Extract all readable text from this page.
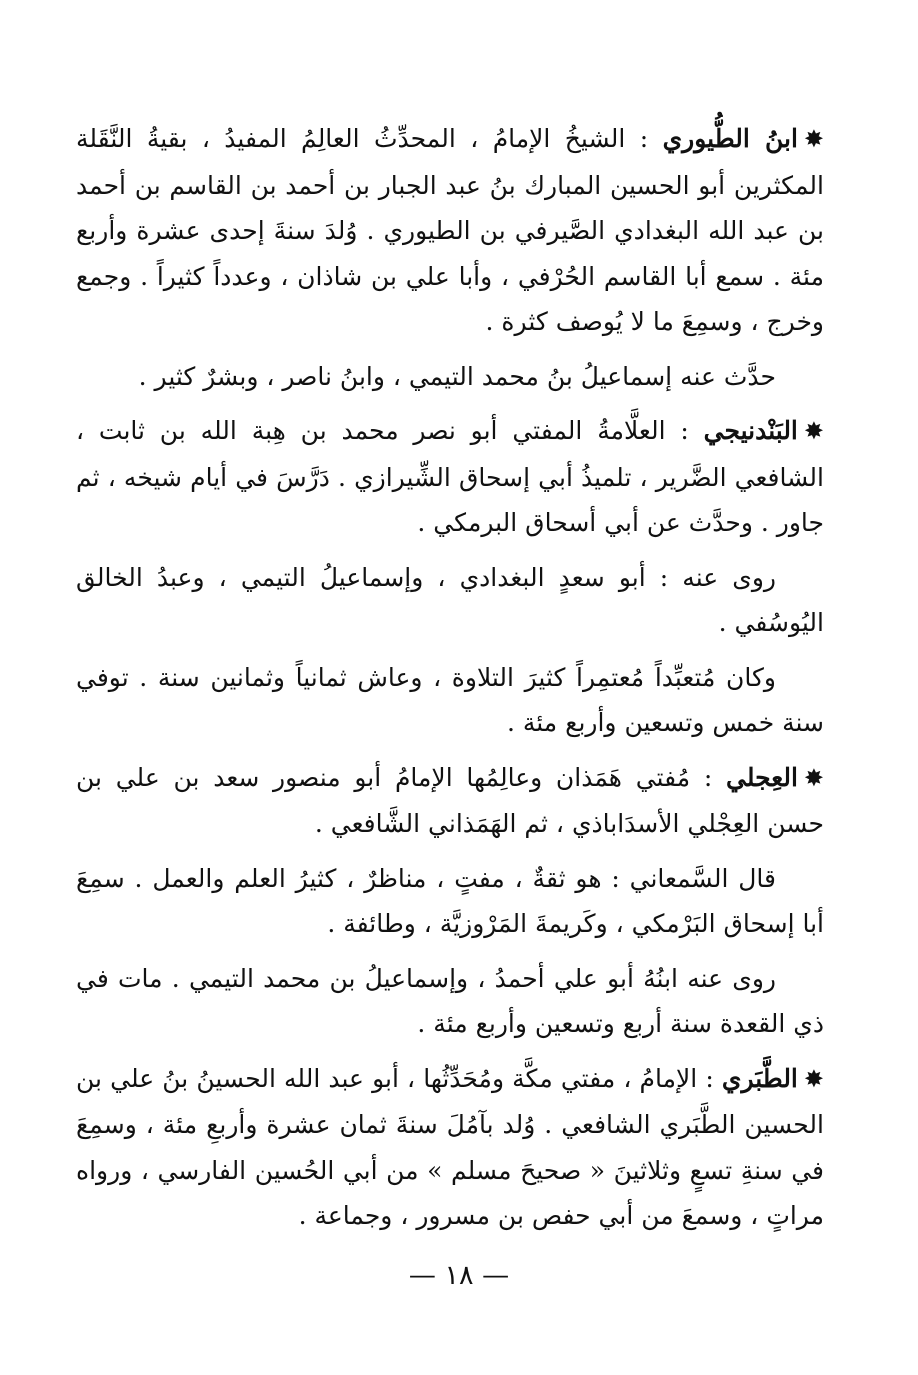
✸ابنُ الطُّيوري : الشيخُ الإمامُ ، المحدِّثُ العالِمُ المفيدُ ، بقيةُ النَّقَلة المكثرين أبو الحسين المبارك بنُ عبد الجبار بن أحمد بن القاسم بن أحمد بن عبد الله البغدادي الصَّيرفي بن الطيوري . وُلدَ سنةَ إحدى عشرة وأربع مئة . سمع أبا القاسم الحُرْفي ، وأبا علي بن شاذان ، وعدداً كثيراً . وجمع وخرج ، وسمِعَ ما لا يُوصف كثرة .

حدَّث عنه إسماعيلُ بنُ محمد التيمي ، وابنُ ناصر ، وبشرٌ كثير .

✸البَنْدنيجي : العلَّامةُ المفتي أبو نصر محمد بن هِبة الله بن ثابت ، الشافعي الضَّرير ، تلميذُ أبي إسحاق الشِّيرازي . دَرَّسَ في أيام شيخه ، ثم جاور . وحدَّث عن أبي أسحاق البرمكي .

روى عنه : أبو سعدٍ البغدادي ، وإسماعيلُ التيمي ، وعبدُ الخالق اليُوسُفي .

وكان مُتعبِّداً مُعتمِراً كثيرَ التلاوة ، وعاش ثمانياً وثمانين سنة . توفي سنة خمس وتسعين وأربع مئة .

✸العِجلي : مُفتي هَمَذان وعالِمُها الإمامُ أبو منصور سعد بن علي بن حسن العِجْلي الأسدَاباذي ، ثم الهَمَذاني الشَّافعي .

قال السَّمعاني : هو ثقةٌ ، مفتٍ ، مناظرٌ ، كثيرُ العلم والعمل . سمِعَ أبا إسحاق البَرْمكي ، وكَريمةَ المَرْوزيَّة ، وطائفة .

روى عنه ابنُهُ أبو علي أحمدُ ، وإسماعيلُ بن محمد التيمي . مات في ذي القعدة سنة أربع وتسعين وأربع مئة .

✸الطَّبَري : الإمامُ ، مفتي مكَّة ومُحَدِّثُها ، أبو عبد الله الحسينُ بنُ علي بن الحسين الطَّبَري الشافعي . وُلد بآمُلَ سنةَ ثمان عشرة وأربعِ مئة ، وسمِعَ في سنةِ تسعٍ وثلاثينَ « صحيحَ مسلم » من أبي الحُسين الفارسي ، ورواه مراتٍ ، وسمعَ من أبي حفص بن مسرور ، وجماعة .

— ١٨ —
